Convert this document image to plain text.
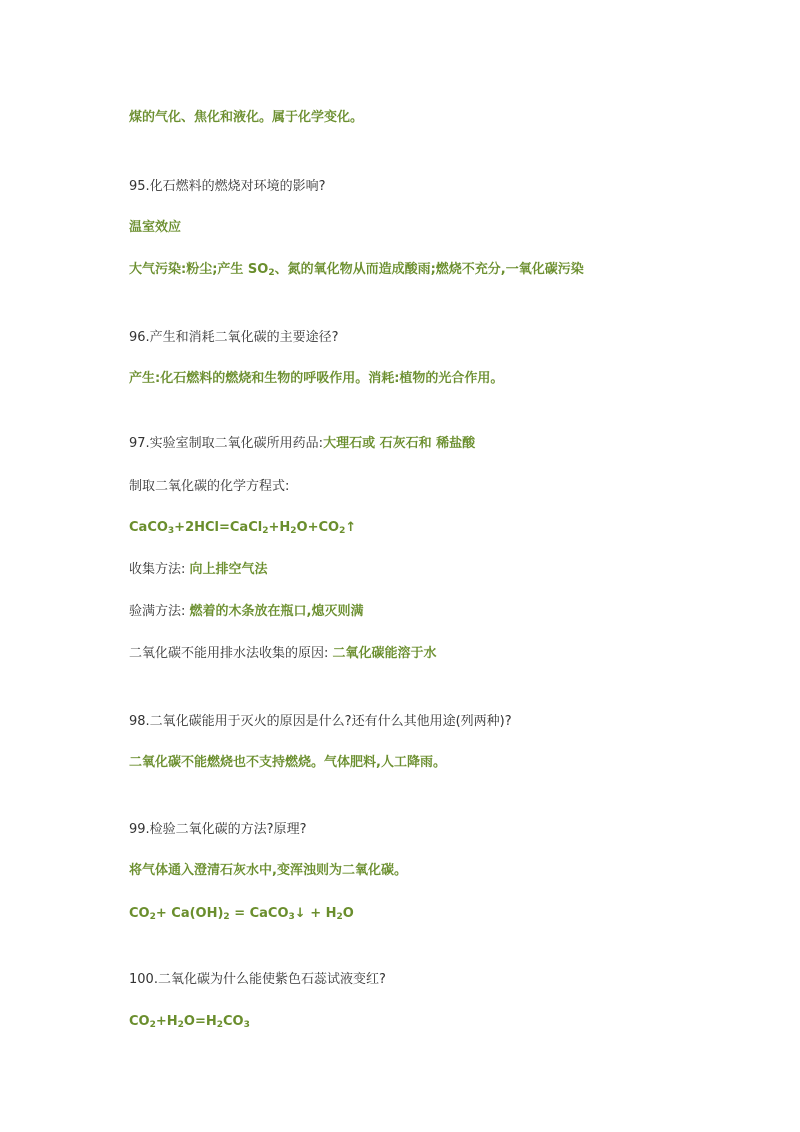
煤的气化、焦化和液化。属于化学变化。
95.化石燃料的燃烧对环境的影响?
温室效应
大气污染:粉尘;产生 $SO_2$、氮的氧化物从而造成酸雨;燃烧不充分,一氧化碳污染
96.产生和消耗二氧化碳的主要途径?
产生:化石燃料的燃烧和生物的呼吸作用。消耗:植物的光合作用。
97.实验室制取二氧化碳所用药品:大理石或 石灰石和 稀盐酸
制取二氧化碳的化学方程式:
$CaCO_3+2HCl=CaCl_2+H_2O+CO_2↑$
收集方法: 向上排空气法
验满方法: 燃着的木条放在瓶口,熄灭则满
二氧化碳不能用排水法收集的原因: 二氧化碳能溶于水
98.二氧化碳能用于灭火的原因是什么?还有什么其他用途(列两种)?
二氧化碳不能燃烧也不支持燃烧。气体肥料,人工降雨。
99.检验二氧化碳的方法?原理?
将气体通入澄清石灰水中,变浑浊则为二氧化碳。
$CO_2+ Ca(OH)_2$ = CaCO$_3$↓ + $H_2O$
100.二氧化碳为什么能使紫色石蕊试液变红?
$CO_2+H_2O=H_2CO_3$
